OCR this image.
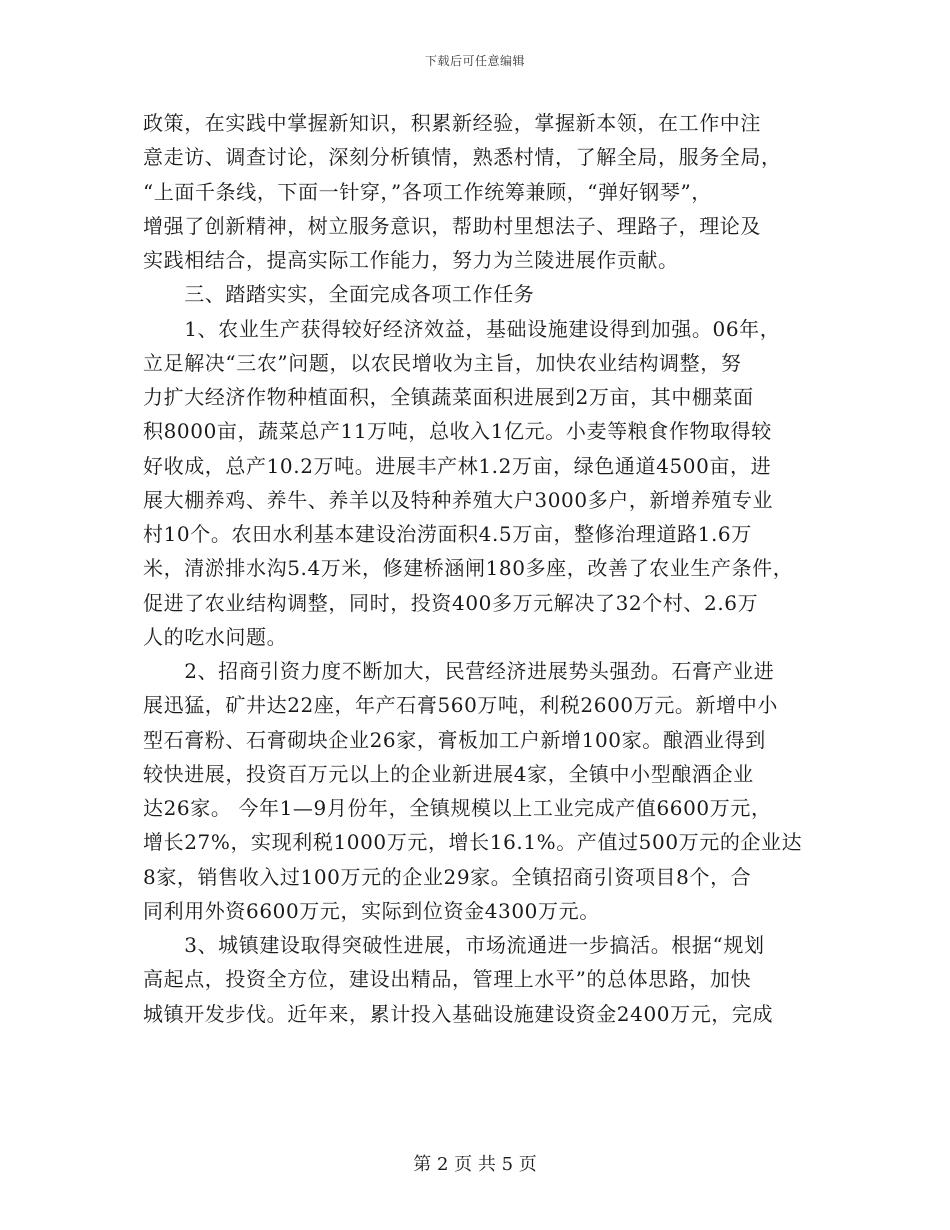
下载后可任意编辑
政策，在实践中掌握新知识，积累新经验，掌握新本领，在工作中注
意走访、调查讨论，深刻分析镇情，熟悉村情，了解全局，服务全局，
“上面千条线，下面一针穿，”各项工作统筹兼顾，“弹好钢琴”，
增强了创新精神，树立服务意识，帮助村里想法子、理路子，理论及
实践相结合，提高实际工作能力，努力为兰陵进展作贡献。
　　三、踏踏实实，全面完成各项工作任务
　　1、农业生产获得较好经济效益，基础设施建设得到加强。06年，
立足解决“三农”问题，以农民增收为主旨，加快农业结构调整，努
力扩大经济作物种植面积，全镇蔬菜面积进展到2万亩，其中棚菜面
积8000亩，蔬菜总产11万吨，总收入1亿元。小麦等粮食作物取得较
好收成，总产10.2万吨。进展丰产林1.2万亩，绿色通道4500亩，进
展大棚养鸡、养牛、养羊以及特种养殖大户3000多户，新增养殖专业
村10个。农田水利基本建设治涝面积4.5万亩，整修治理道路1.6万
米，清淤排水沟5.4万米，修建桥涵闸180多座，改善了农业生产条件，
促进了农业结构调整，同时，投资400多万元解决了32个村、2.6万
人的吃水问题。
　　2、招商引资力度不断加大，民营经济进展势头强劲。石膏产业进
展迅猛，矿井达22座，年产石膏560万吨，利税2600万元。新增中小
型石膏粉、石膏砌块企业26家，膏板加工户新增100家。酿酒业得到
较快进展，投资百万元以上的企业新进展4家，全镇中小型酿酒企业
达26家。 今年1—9月份年，全镇规模以上工业完成产值6600万元，
增长27%，实现利税1000万元，增长16.1%。产值过500万元的企业达
8家，销售收入过100万元的企业29家。全镇招商引资项目8个，合
同利用外资6600万元，实际到位资金4300万元。
　　3、城镇建设取得突破性进展，市场流通进一步搞活。根据“规划
高起点，投资全方位，建设出精品，管理上水平”的总体思路，加快
城镇开发步伐。近年来，累计投入基础设施建设资金2400万元，完成
第 2 页 共 5 页
